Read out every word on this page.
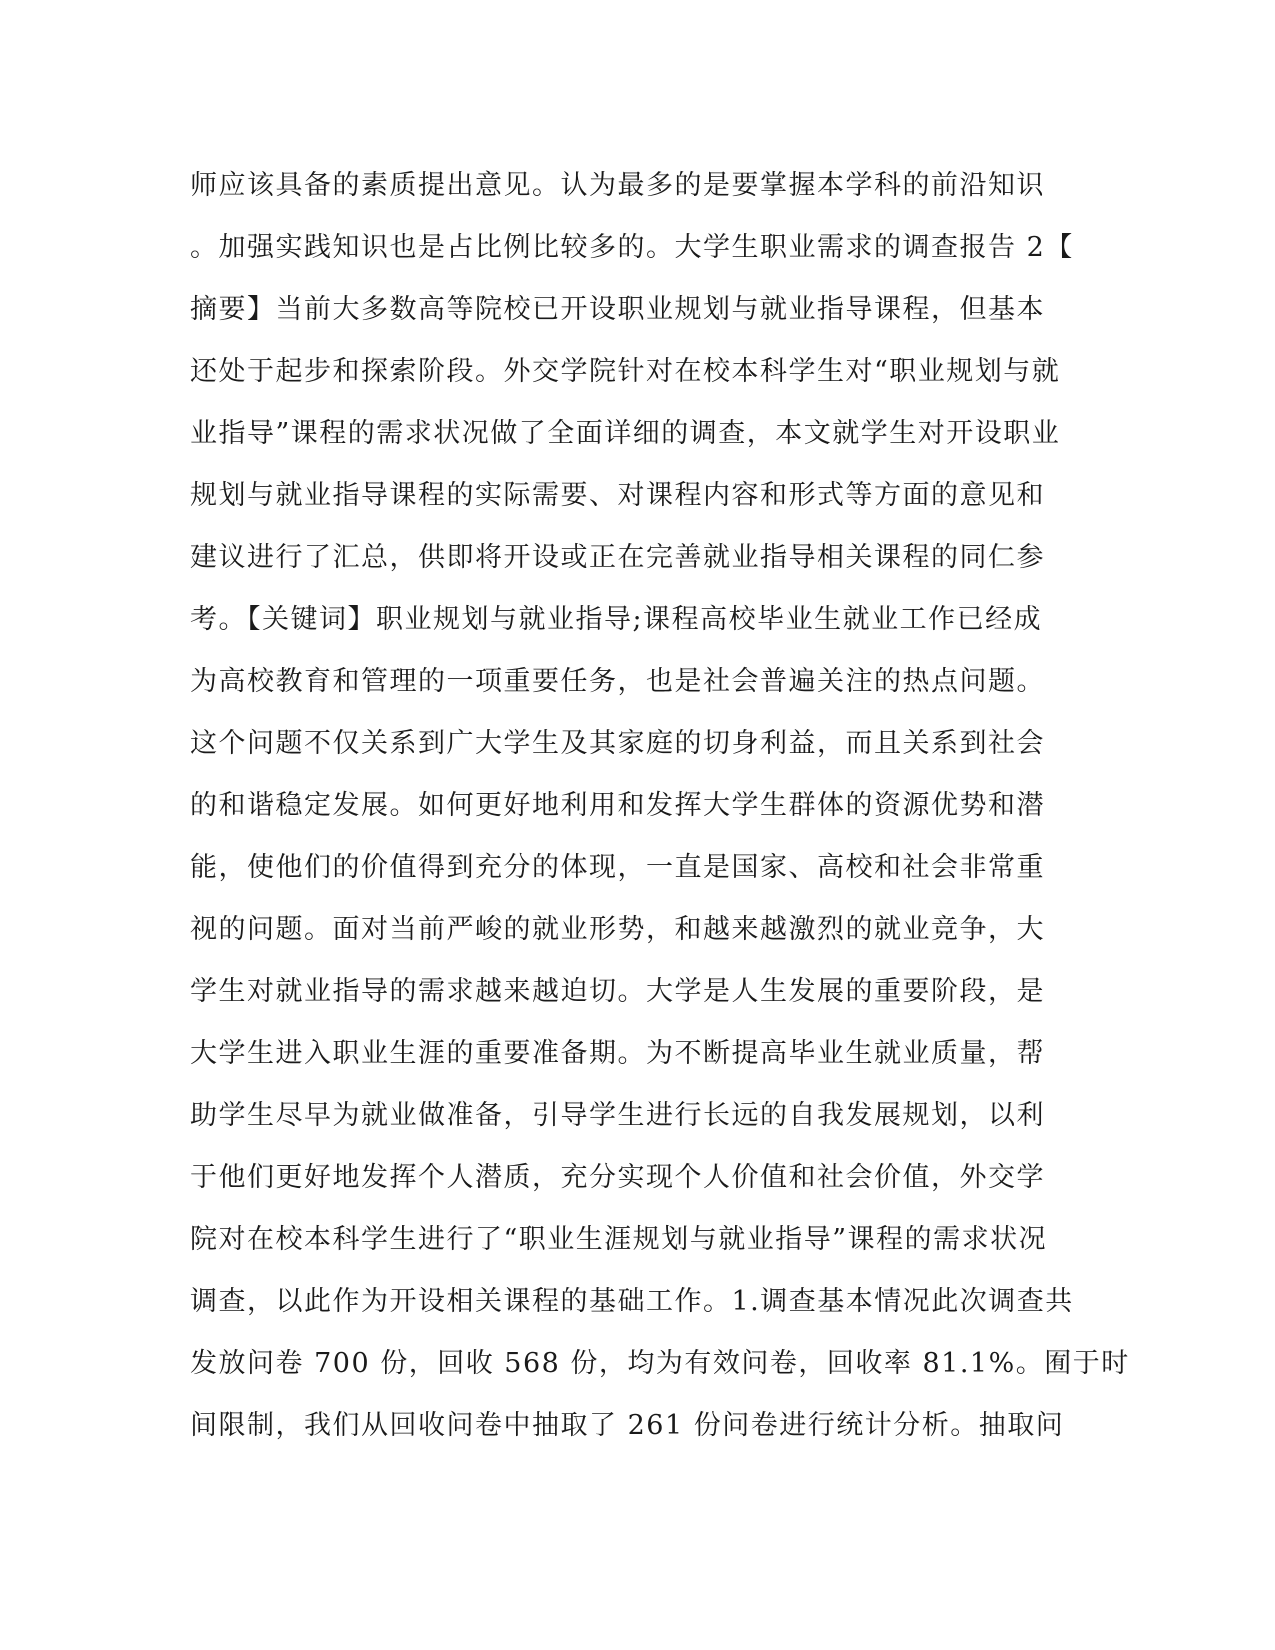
师应该具备的素质提出意见。认为最多的是要掌握本学科的前沿知识
。加强实践知识也是占比例比较多的。大学生职业需求的调查报告 2【
摘要】当前大多数高等院校已开设职业规划与就业指导课程，但基本
还处于起步和探索阶段。外交学院针对在校本科学生对“职业规划与就
业指导”课程的需求状况做了全面详细的调查，本文就学生对开设职业
规划与就业指导课程的实际需要、对课程内容和形式等方面的意见和
建议进行了汇总，供即将开设或正在完善就业指导相关课程的同仁参
考。【关键词】职业规划与就业指导;课程高校毕业生就业工作已经成
为高校教育和管理的一项重要任务，也是社会普遍关注的热点问题。
这个问题不仅关系到广大学生及其家庭的切身利益，而且关系到社会
的和谐稳定发展。如何更好地利用和发挥大学生群体的资源优势和潜
能，使他们的价值得到充分的体现，一直是国家、高校和社会非常重
视的问题。面对当前严峻的就业形势，和越来越激烈的就业竞争，大
学生对就业指导的需求越来越迫切。大学是人生发展的重要阶段，是
大学生进入职业生涯的重要准备期。为不断提高毕业生就业质量，帮
助学生尽早为就业做准备，引导学生进行长远的自我发展规划，以利
于他们更好地发挥个人潜质，充分实现个人价值和社会价值，外交学
院对在校本科学生进行了“职业生涯规划与就业指导”课程的需求状况
调查，以此作为开设相关课程的基础工作。1.调查基本情况此次调查共
发放问卷 700 份，回收 568 份，均为有效问卷，回收率 81.1%。囿于时
间限制，我们从回收问卷中抽取了 261 份问卷进行统计分析。抽取问
